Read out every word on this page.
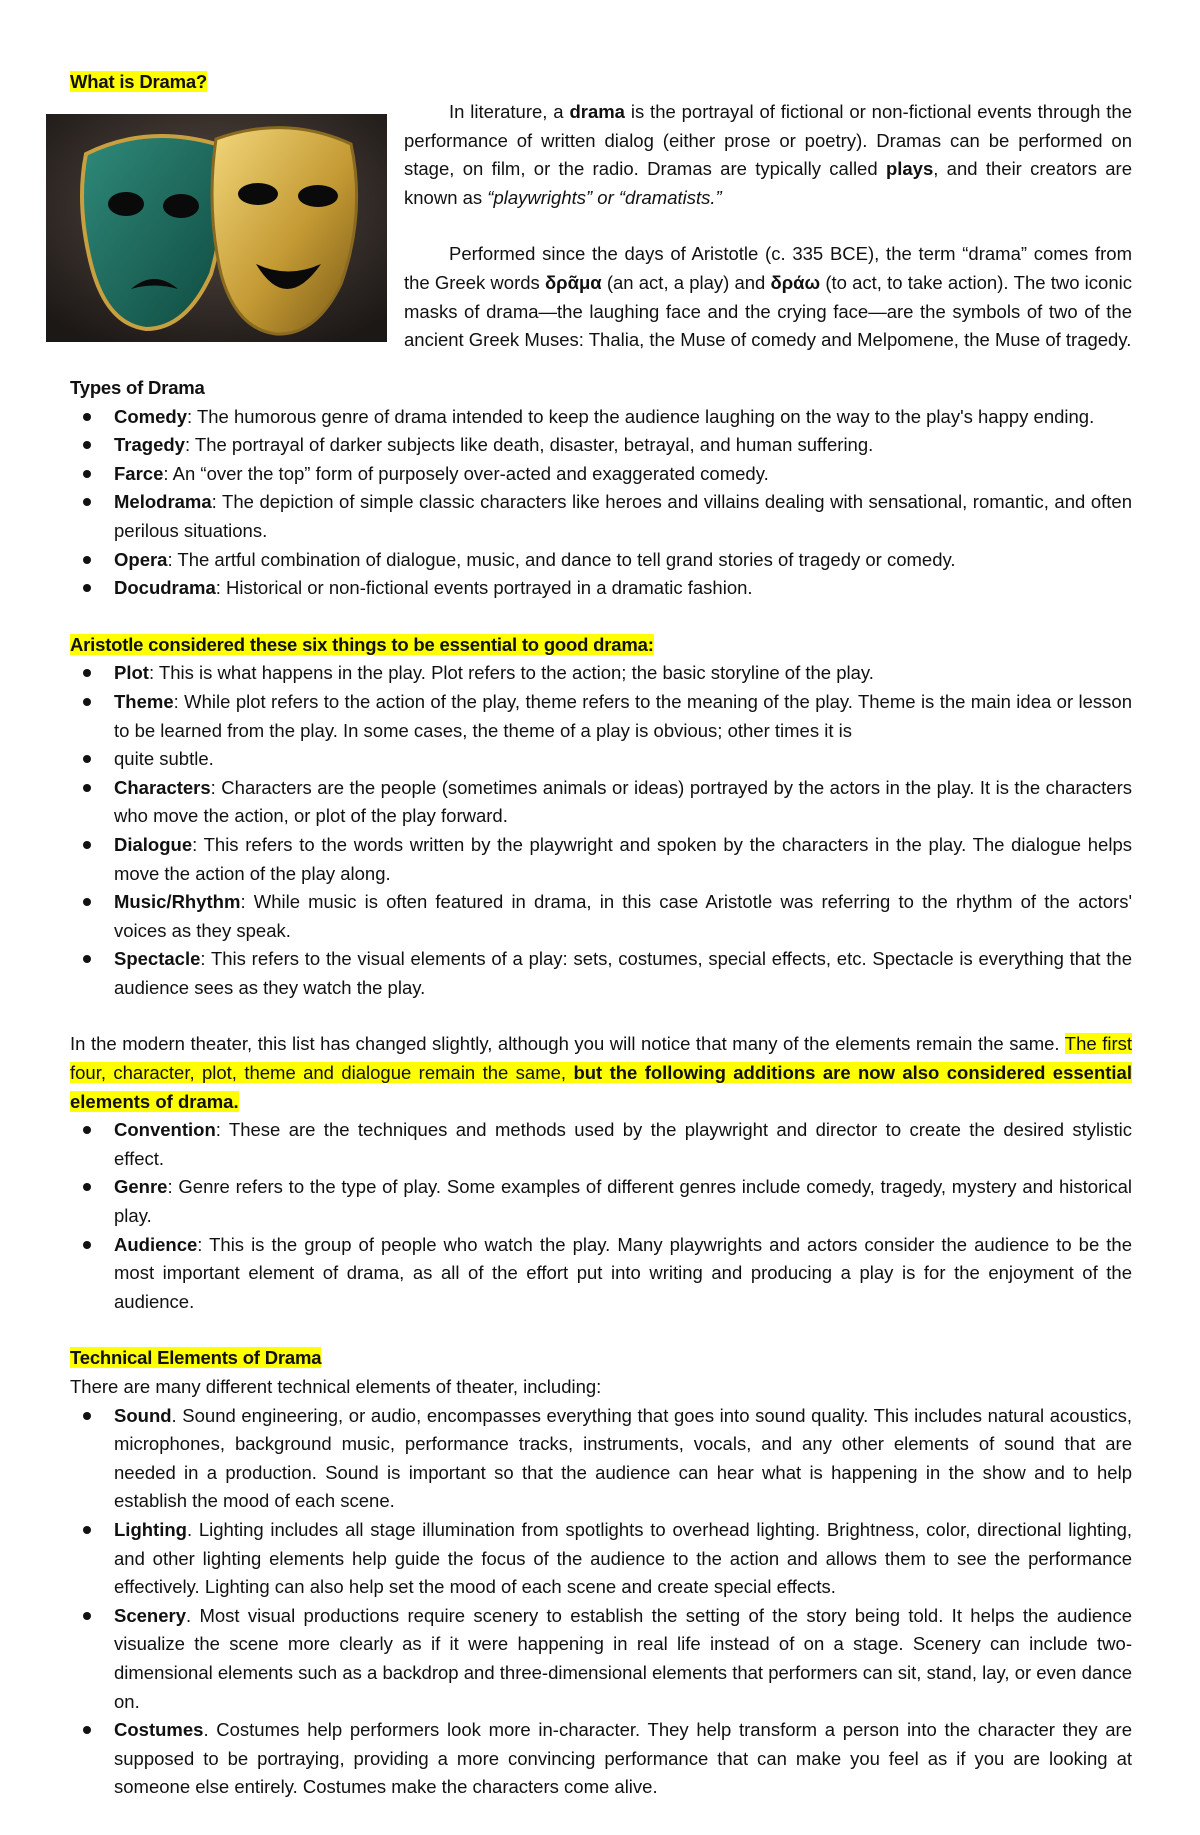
What is Drama?

In literature, a drama is the portrayal of fictional or non-fictional events through the performance of written dialog (either prose or poetry). Dramas can be performed on stage, on film, or the radio. Dramas are typically called plays, and their creators are known as “playwrights” or “dramatists.”

Performed since the days of Aristotle (c. 335 BCE), the term “drama” comes from the Greek words δρᾶμα (an act, a play) and δράω (to act, to take action). The two iconic masks of drama—the laughing face and the crying face—are the symbols of two of the ancient Greek Muses: Thalia, the Muse of comedy and Melpomene, the Muse of tragedy.

Types of Drama
Comedy: The humorous genre of drama intended to keep the audience laughing on the way to the play's happy ending.
Tragedy: The portrayal of darker subjects like death, disaster, betrayal, and human suffering.
Farce: An “over the top” form of purposely over-acted and exaggerated comedy.
Melodrama: The depiction of simple classic characters like heroes and villains dealing with sensational, romantic, and often perilous situations.
Opera: The artful combination of dialogue, music, and dance to tell grand stories of tragedy or comedy.
Docudrama: Historical or non-fictional events portrayed in a dramatic fashion.
Aristotle considered these six things to be essential to good drama:
Plot: This is what happens in the play. Plot refers to the action; the basic storyline of the play.
Theme: While plot refers to the action of the play, theme refers to the meaning of the play. Theme is the main idea or lesson to be learned from the play. In some cases, the theme of a play is obvious; other times it is
quite subtle.
Characters: Characters are the people (sometimes animals or ideas) portrayed by the actors in the play. It is the characters who move the action, or plot of the play forward.
Dialogue: This refers to the words written by the playwright and spoken by the characters in the play. The dialogue helps move the action of the play along.
Music/Rhythm: While music is often featured in drama, in this case Aristotle was referring to the rhythm of the actors' voices as they speak.
Spectacle: This refers to the visual elements of a play: sets, costumes, special effects, etc. Spectacle is everything that the audience sees as they watch the play.

In the modern theater, this list has changed slightly, although you will notice that many of the elements remain the same. The first four, character, plot, theme and dialogue remain the same, but the following additions are now also considered essential elements of drama.

Convention: These are the techniques and methods used by the playwright and director to create the desired stylistic effect.
Genre: Genre refers to the type of play. Some examples of different genres include comedy, tragedy, mystery and historical play.
Audience: This is the group of people who watch the play. Many playwrights and actors consider the audience to be the most important element of drama, as all of the effort put into writing and producing a play is for the enjoyment of the audience.
Technical Elements of Drama
There are many different technical elements of theater, including:
Sound. Sound engineering, or audio, encompasses everything that goes into sound quality. This includes natural acoustics, microphones, background music, performance tracks, instruments, vocals, and any other elements of sound that are needed in a production. Sound is important so that the audience can hear what is happening in the show and to help establish the mood of each scene.
Lighting. Lighting includes all stage illumination from spotlights to overhead lighting. Brightness, color, directional lighting, and other lighting elements help guide the focus of the audience to the action and allows them to see the performance effectively. Lighting can also help set the mood of each scene and create special effects.
Scenery. Most visual productions require scenery to establish the setting of the story being told. It helps the audience visualize the scene more clearly as if it were happening in real life instead of on a stage. Scenery can include two-dimensional elements such as a backdrop and three-dimensional elements that performers can sit, stand, lay, or even dance on.
Costumes. Costumes help performers look more in-character. They help transform a person into the character they are supposed to be portraying, providing a more convincing performance that can make you feel as if you are looking at someone else entirely. Costumes make the characters come alive.
